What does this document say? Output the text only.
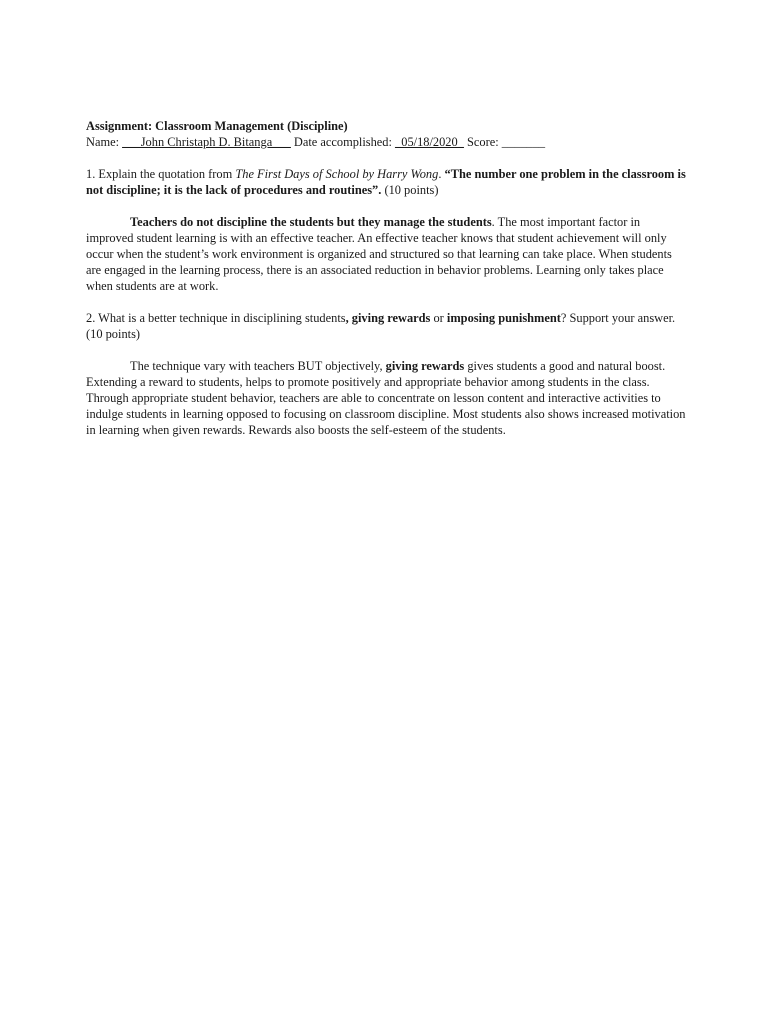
Assignment: Classroom Management (Discipline)

Name: ___John Christaph D. Bitanga___ Date accomplished: _05/18/2020_ Score: _______

1. Explain the quotation from The First Days of School by Harry Wong. “The number one problem in the classroom is not discipline; it is the lack of procedures and routines”. (10 points)

Teachers do not discipline the students but they manage the students. The most important factor in improved student learning is with an effective teacher. An effective teacher knows that student achievement will only occur when the student’s work environment is organized and structured so that learning can take place. When students are engaged in the learning process, there is an associated reduction in behavior problems. Learning only takes place when students are at work.

2. What is a better technique in disciplining students, giving rewards or imposing punishment? Support your answer. (10 points)

The technique vary with teachers BUT objectively, giving rewards gives students a good and natural boost. Extending a reward to students, helps to promote positively and appropriate behavior among students in the class. Through appropriate student behavior, teachers are able to concentrate on lesson content and interactive activities to indulge students in learning opposed to focusing on classroom discipline. Most students also shows increased motivation in learning when given rewards. Rewards also boosts the self-esteem of the students.
